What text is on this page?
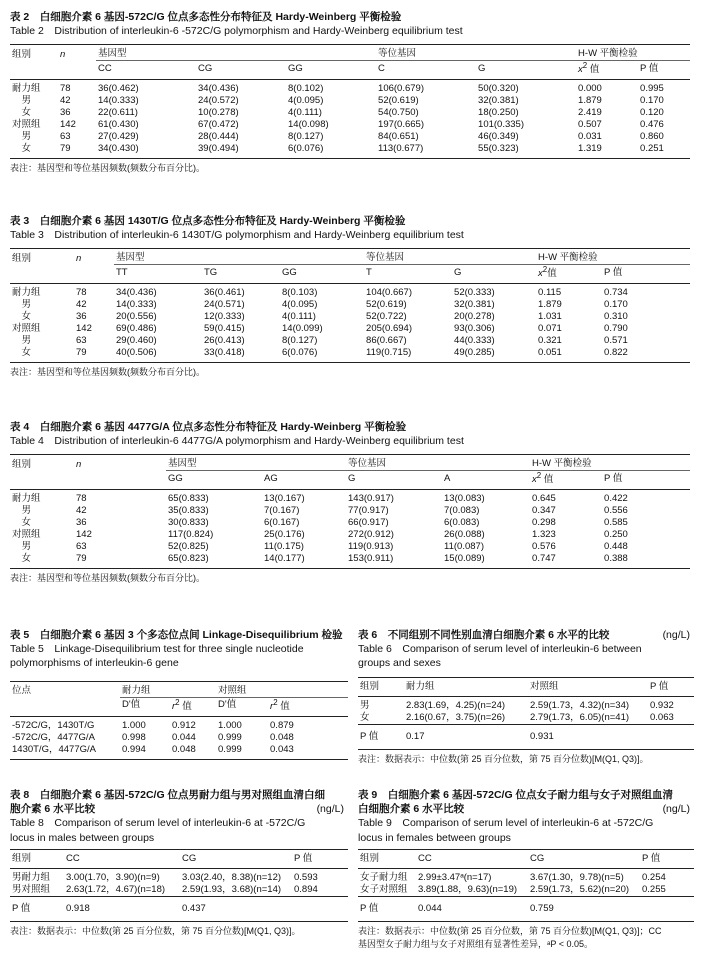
表 2　白细胞介素 6 基因-572C/G 位点多态性分布特征及 Hardy-Weinberg 平衡检验
Table 2　Distribution of interleukin-6 -572C/G polymorphism and Hardy-Weinberg equilibrium test
组别	n	基因型			等位基因		H-W 平衡检验	
		CC	CG	GG	C	G	$x^2$ 值	P 值
耐力组	78	36(0.462)	34(0.436)	8(0.102)	106(0.679)	50(0.320)	0.000	0.995
　男	42	14(0.333)	24(0.572)	4(0.095)	52(0.619)	32(0.381)	1.879	0.170
　女	36	22(0.611)	10(0.278)	4(0.111)	54(0.750)	18(0.250)	2.419	0.120
对照组	142	61(0.430)	67(0.472)	14(0.098)	197(0.665)	101(0.335)	0.507	0.476
　男	63	27(0.429)	28(0.444)	8(0.127)	84(0.651)	46(0.349)	0.031	0.860
　女	79	34(0.430)	39(0.494)	6(0.076)	113(0.677)	55(0.323)	1.319	0.251
表注：基因型和等位基因频数(频数分布百分比)。
表 3　白细胞介素 6 基因 1430T/G 位点多态性分布特征及 Hardy-Weinberg 平衡检验
Table 3　Distribution of interleukin-6 1430T/G polymorphism and Hardy-Weinberg equilibrium test
组别	n	基因型			等位基因		H-W 平衡检验	
		TT	TG	GG	T	G	$x^2$值	P 值
耐力组	78	34(0.436)	36(0.461)	8(0.103)	104(0.667)	52(0.333)	0.115	0.734
　男	42	14(0.333)	24(0.571)	4(0.095)	52(0.619)	32(0.381)	1.879	0.170
　女	36	20(0.556)	12(0.333)	4(0.111)	52(0.722)	20(0.278)	1.031	0.310
对照组	142	69(0.486)	59(0.415)	14(0.099)	205(0.694)	93(0.306)	0.071	0.790
　男	63	29(0.460)	26(0.413)	8(0.127)	86(0.667)	44(0.333)	0.321	0.571
　女	79	40(0.506)	33(0.418)	6(0.076)	119(0.715)	49(0.285)	0.051	0.822
表注：基因型和等位基因频数(频数分布百分比)。
表 4　白细胞介素 6 基因 4477G/A 位点多态性分布特征及 Hardy-Weinberg 平衡检验
Table 4　Distribution of interleukin-6 4477G/A polymorphism and Hardy-Weinberg equilibrium test
组别	n	基因型		等位基因		H-W 平衡检验	
		GG	AG	G	A	$x^2$ 值	P 值
耐力组	78	65(0.833)	13(0.167)	143(0.917)	13(0.083)	0.645	0.422
　男	42	35(0.833)	7(0.167)	77(0.917)	7(0.083)	0.347	0.556
　女	36	30(0.833)	6(0.167)	66(0.917)	6(0.083)	0.298	0.585
对照组	142	117(0.824)	25(0.176)	272(0.912)	26(0.088)	1.323	0.250
　男	63	52(0.825)	11(0.175)	119(0.913)	11(0.087)	0.576	0.448
　女	79	65(0.823)	14(0.177)	153(0.911)	15(0.089)	0.747	0.388
表注：基因型和等位基因频数(频数分布百分比)。
表 5　白细胞介素 6 基因 3 个多态位点间 Linkage-Disequilibrium 检验
Table 5　Linkage-Disequilibrium test for three single nucleotide
polymorphisms of interleukin-6 gene
位点	耐力组		对照组	
	D'值	$r^2$ 值	D'值	$r^2$ 值
-572C/G，1430T/G	1.000	0.912	1.000	0.879
-572C/G，4477G/A	0.998	0.044	0.999	0.048
1430T/G，4477G/A	0.994	0.048	0.999	0.043
表 6　不同组别不同性别血清白细胞介素 6 水平的比较	(ng/L)
Table 6　Comparison of serum level of interleukin-6 between
groups and sexes
组别	耐力组	对照组	P 值
男	2.83(1.69，4.25)(n=24)	2.59(1.73，4.32)(n=34)	0.932
女	2.16(0.67，3.75)(n=26)	2.79(1.73，6.05)(n=41)	0.063
P 值	0.17	0.931	
表注：数据表示：中位数(第 25 百分位数，第 75 百分位数)[M(Q1, Q3)]。
表 8　白细胞介素 6 基因-572C/G 位点男耐力组与男对照组血清白细
胞介素 6 水平比较	(ng/L)
Table 8　Comparison of serum level of interleukin-6 at -572C/G
locus in males between groups
组别	CC	CG	P 值
男耐力组	3.00(1.70，3.90)(n=9)	3.03(2.40，8.38)(n=12)	0.593
男对照组	2.63(1.72，4.67)(n=18)	2.59(1.93，3.68)(n=14)	0.894
P 值	0.918	0.437	
表注：数据表示：中位数(第 25 百分位数，第 75 百分位数)[M(Q1, Q3)]。
表 9　白细胞介素 6 基因-572C/G 位点女子耐力组与女子对照组血清
白细胞介素 6 水平比较	(ng/L)
Table 9　Comparison of serum level of interleukin-6 at -572C/G
locus in females between groups
组别	CC	CG	P 值
女子耐力组	2.99±3.47ᵃ(n=17)	3.67(1.30，9.78)(n=5)	0.254
女子对照组	3.89(1.88，9.63)(n=19)	2.59(1.73，5.62)(n=20)	0.255
P 值	0.044	0.759	
表注：数据表示：中位数(第 25 百分位数，第 75 百分位数)[M(Q1, Q3)]；CC
基因型女子耐力组与女子对照组有显著性差异，ᵃP < 0.05。
